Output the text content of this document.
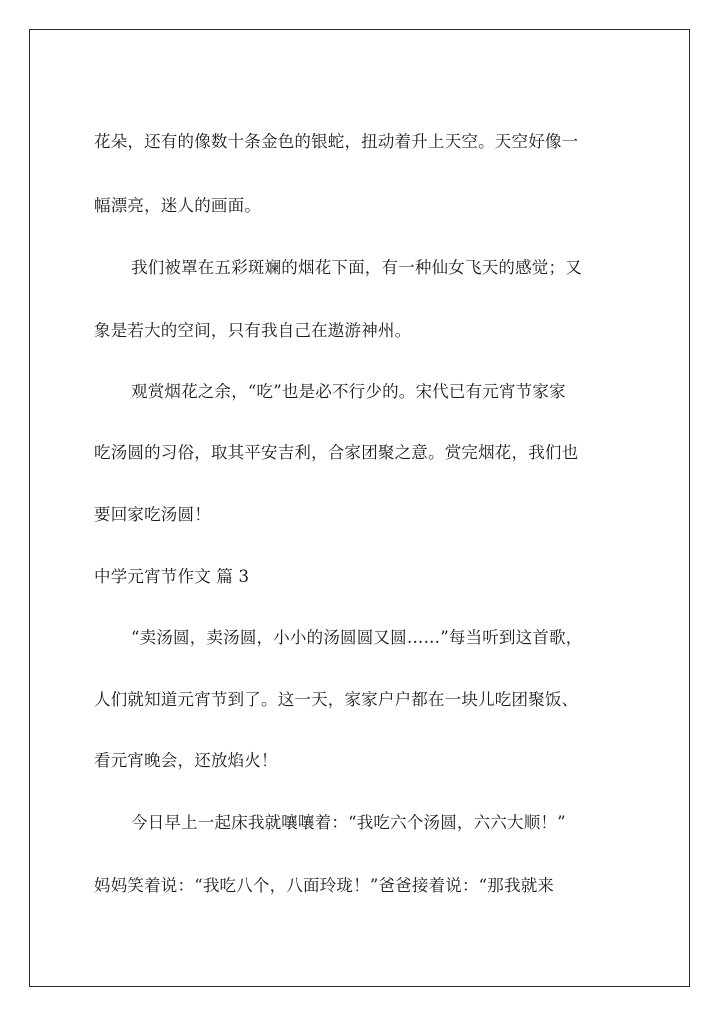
花朵，还有的像数十条金色的银蛇，扭动着升上天空。天空好像一
幅漂亮，迷人的画面。
我们被罩在五彩斑斓的烟花下面，有一种仙女飞天的感觉；又
象是若大的空间，只有我自己在遨游神州。
观赏烟花之余，“吃”也是必不行少的。宋代已有元宵节家家
吃汤圆的习俗，取其平安吉利，合家团聚之意。赏完烟花，我们也
要回家吃汤圆！
中学元宵节作文 篇 3
“卖汤圆，卖汤圆，小小的汤圆圆又圆……”每当听到这首歌，
人们就知道元宵节到了。这一天，家家户户都在一块儿吃团聚饭、
看元宵晚会，还放焰火！
今日早上一起床我就嚷嚷着：“我吃六个汤圆，六六大顺！”
妈妈笑着说：“我吃八个，八面玲珑！”爸爸接着说：“那我就来
